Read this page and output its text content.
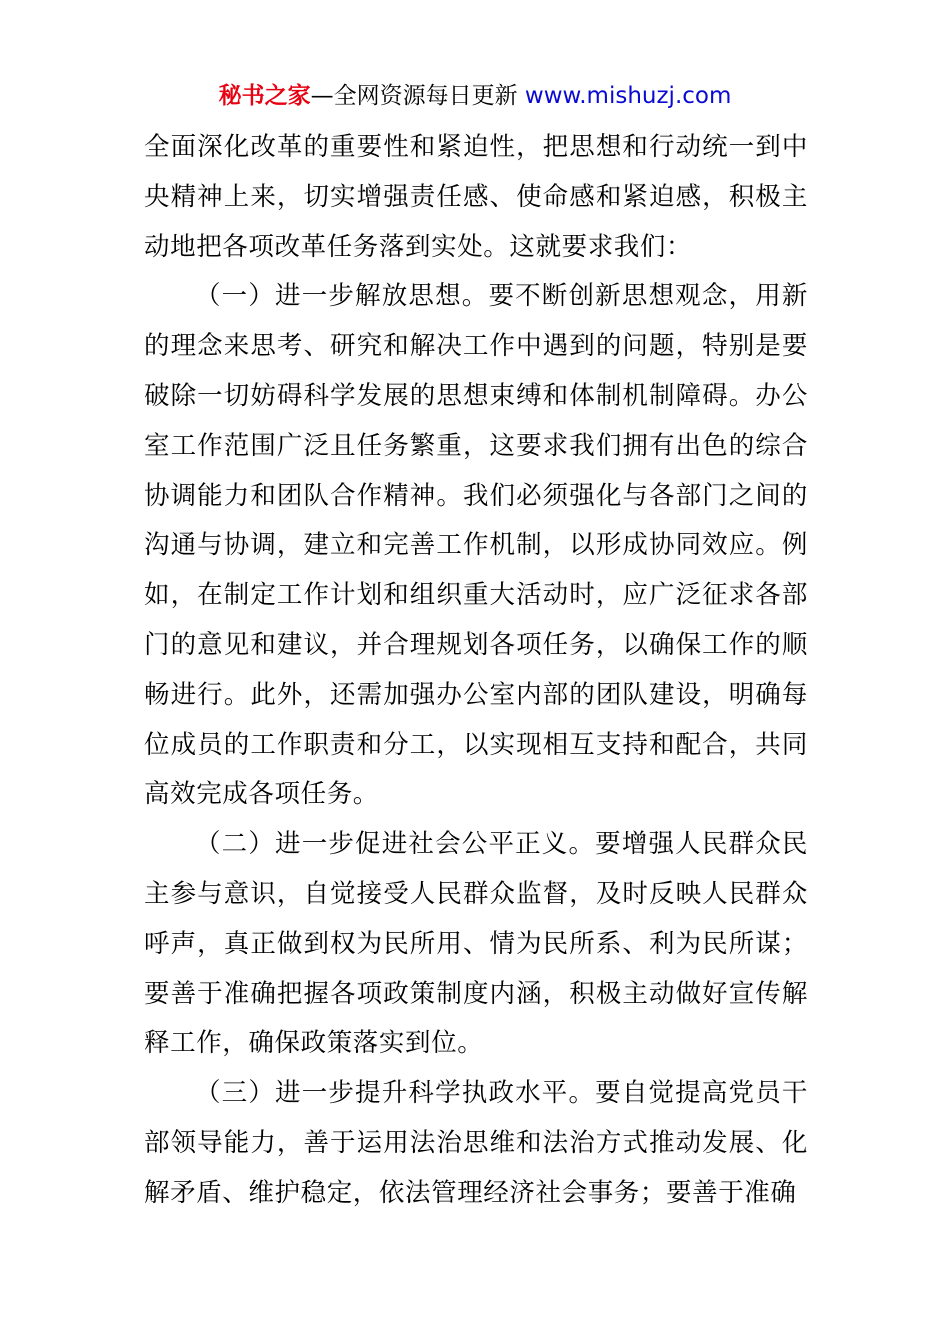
秘书之家—全网资源每日更新 www.mishuzj.com

全面深化改革的重要性和紧迫性，把思想和行动统一到中央精神上来，切实增强责任感、使命感和紧迫感，积极主动地把各项改革任务落到实处。这就要求我们：

（一）进一步解放思想。要不断创新思想观念，用新的理念来思考、研究和解决工作中遇到的问题，特别是要破除一切妨碍科学发展的思想束缚和体制机制障碍。办公室工作范围广泛且任务繁重，这要求我们拥有出色的综合协调能力和团队合作精神。我们必须强化与各部门之间的沟通与协调，建立和完善工作机制，以形成协同效应。例如，在制定工作计划和组织重大活动时，应广泛征求各部门的意见和建议，并合理规划各项任务，以确保工作的顺畅进行。此外，还需加强办公室内部的团队建设，明确每位成员的工作职责和分工，以实现相互支持和配合，共同高效完成各项任务。

（二）进一步促进社会公平正义。要增强人民群众民主参与意识，自觉接受人民群众监督，及时反映人民群众呼声，真正做到权为民所用、情为民所系、利为民所谋；要善于准确把握各项政策制度内涵，积极主动做好宣传解释工作，确保政策落实到位。

（三）进一步提升科学执政水平。要自觉提高党员干部领导能力，善于运用法治思维和法治方式推动发展、化解矛盾、维护稳定，依法管理经济社会事务；要善于准确
